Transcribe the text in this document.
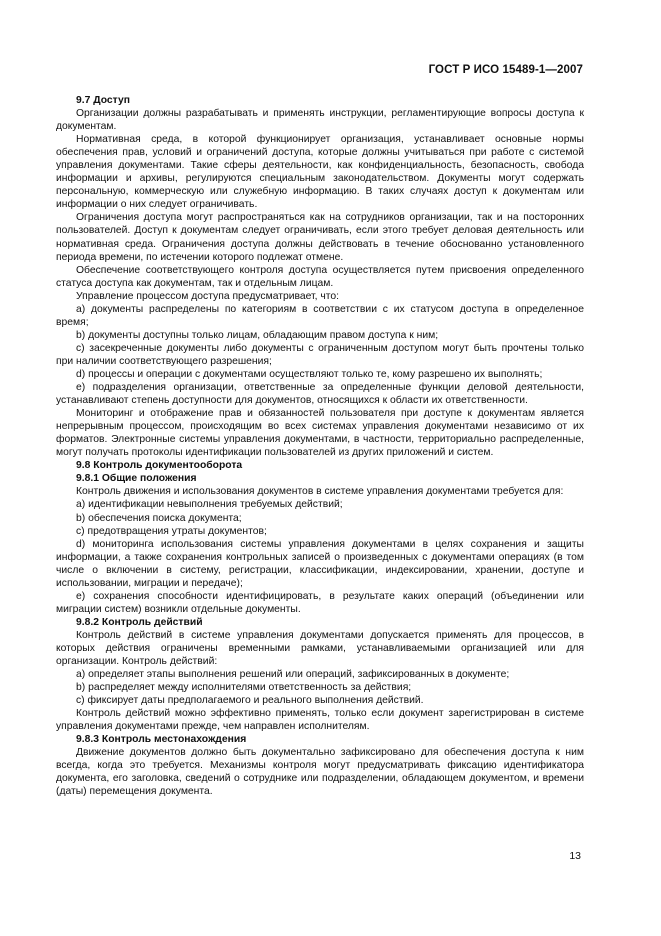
ГОСТ Р ИСО 15489-1—2007

9.7 Доступ

Организации должны разрабатывать и применять инструкции, регламентирующие вопросы доступа к документам.

Нормативная среда, в которой функционирует организация, устанавливает основные нормы обеспечения прав, условий и ограничений доступа, которые должны учитываться при работе с системой управления документами. Такие сферы деятельности, как конфиденциальность, безопасность, свобода информации и архивы, регулируются специальным законодательством. Документы могут содержать персональную, коммерческую или служебную информацию. В таких случаях доступ к документам или информации о них следует ограничивать.

Ограничения доступа могут распространяться как на сотрудников организации, так и на посторонних пользователей. Доступ к документам следует ограничивать, если этого требует деловая деятельность или нормативная среда. Ограничения доступа должны действовать в течение обоснованно установленного периода времени, по истечении которого подлежат отмене.

Обеспечение соответствующего контроля доступа осуществляется путем присвоения определенного статуса доступа как документам, так и отдельным лицам.

Управление процессом доступа предусматривает, что:

a) документы распределены по категориям в соответствии с их статусом доступа в определенное время;

b) документы доступны только лицам, обладающим правом доступа к ним;

c) засекреченные документы либо документы с ограниченным доступом могут быть прочтены только при наличии соответствующего разрешения;

d) процессы и операции с документами осуществляют только те, кому разрешено их выполнять;

e) подразделения организации, ответственные за определенные функции деловой деятельности, устанавливают степень доступности для документов, относящихся к области их ответственности.

Мониторинг и отображение прав и обязанностей пользователя при доступе к документам является непрерывным процессом, происходящим во всех системах управления документами независимо от их форматов. Электронные системы управления документами, в частности, территориально распределенные, могут получать протоколы идентификации пользователей из других приложений и систем.

9.8 Контроль документооборота

9.8.1 Общие положения

Контроль движения и использования документов в системе управления документами требуется для:

a) идентификации невыполнения требуемых действий;

b) обеспечения поиска документа;

c) предотвращения утраты документов;

d) мониторинга использования системы управления документами в целях сохранения и защиты информации, а также сохранения контрольных записей о произведенных с документами операциях (в том числе о включении в систему, регистрации, классификации, индексировании, хранении, доступе и использовании, миграции и передаче);

e) сохранения способности идентифицировать, в результате каких операций (объединении или миграции систем) возникли отдельные документы.

9.8.2 Контроль действий

Контроль действий в системе управления документами допускается применять для процессов, в которых действия ограничены временными рамками, устанавливаемыми организацией или для организации. Контроль действий:

a) определяет этапы выполнения решений или операций, зафиксированных в документе;

b) распределяет между исполнителями ответственность за действия;

c) фиксирует даты предполагаемого и реального выполнения действий.

Контроль действий можно эффективно применять, только если документ зарегистрирован в системе управления документами прежде, чем направлен исполнителям.

9.8.3 Контроль местонахождения

Движение документов должно быть документально зафиксировано для обеспечения доступа к ним всегда, когда это требуется. Механизмы контроля могут предусматривать фиксацию идентификатора документа, его заголовка, сведений о сотруднике или подразделении, обладающем документом, и времени (даты) перемещения документа.

13
